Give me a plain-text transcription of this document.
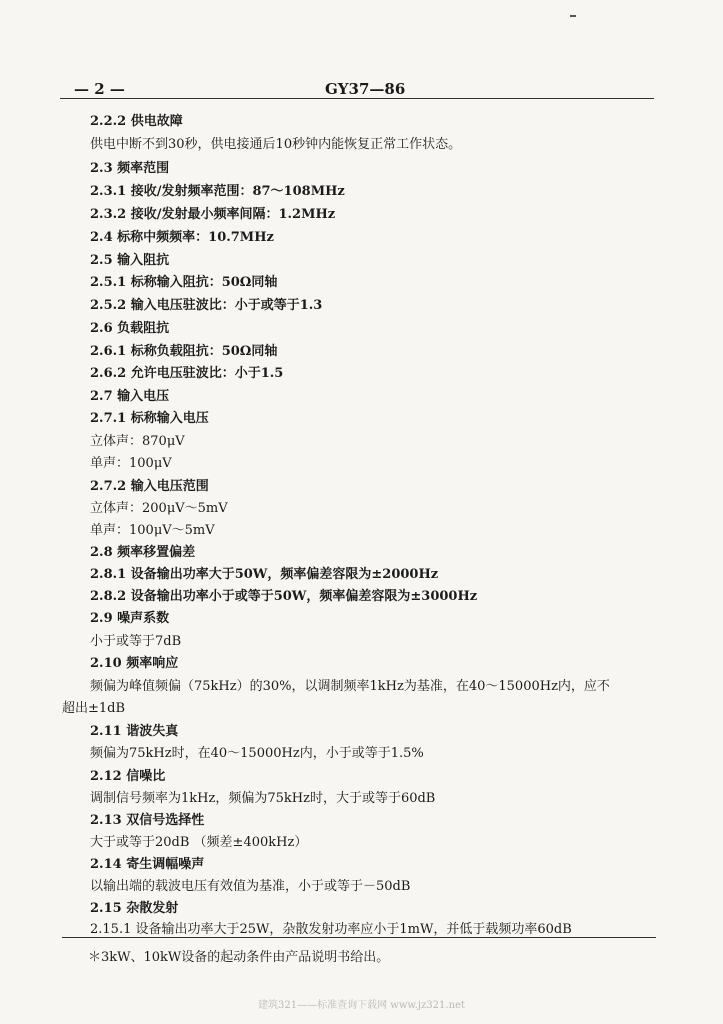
— 2 —	GY37—86
2.2.2 供电故障
供电中断不到30秒，供电接通后10秒钟内能恢复正常工作状态。
2.3 频率范围
2.3.1 接收/发射频率范围：87～108MHz
2.3.2 接收/发射最小频率间隔：1.2MHz
2.4 标称中频频率：10.7MHz
2.5 输入阻抗
2.5.1 标称输入阻抗：50Ω同轴
2.5.2 输入电压驻波比：小于或等于1.3
2.6 负载阻抗
2.6.1 标称负载阻抗：50Ω同轴
2.6.2 允许电压驻波比：小于1.5
2.7 输入电压
2.7.1 标称输入电压
立体声：870μV
单声：100μV
2.7.2 输入电压范围
立体声：200μV～5mV
单声：100μV～5mV
2.8 频率移置偏差
2.8.1 设备输出功率大于50W，频率偏差容限为±2000Hz
2.8.2 设备输出功率小于或等于50W，频率偏差容限为±3000Hz
2.9 噪声系数
小于或等于7dB
2.10 频率响应
频偏为峰值频偏（75kHz）的30%，以调制频率1kHz为基准，在40～15000Hz内，应不
超出±1dB
2.11 谐波失真
频偏为75kHz时，在40～15000Hz内，小于或等于1.5%
2.12 信噪比
调制信号频率为1kHz，频偏为75kHz时，大于或等于60dB
2.13 双信号选择性
大于或等于20dB （频差±400kHz）
2.14 寄生调幅噪声
以输出端的载波电压有效值为基准，小于或等于－50dB
2.15 杂散发射
2.15.1 设备输出功率大于25W，杂散发射功率应小于1mW，并低于载频功率60dB
＊3kW、10kW设备的起动条件由产品说明书给出。
建筑321——标准查询下载网 www.jz321.net
